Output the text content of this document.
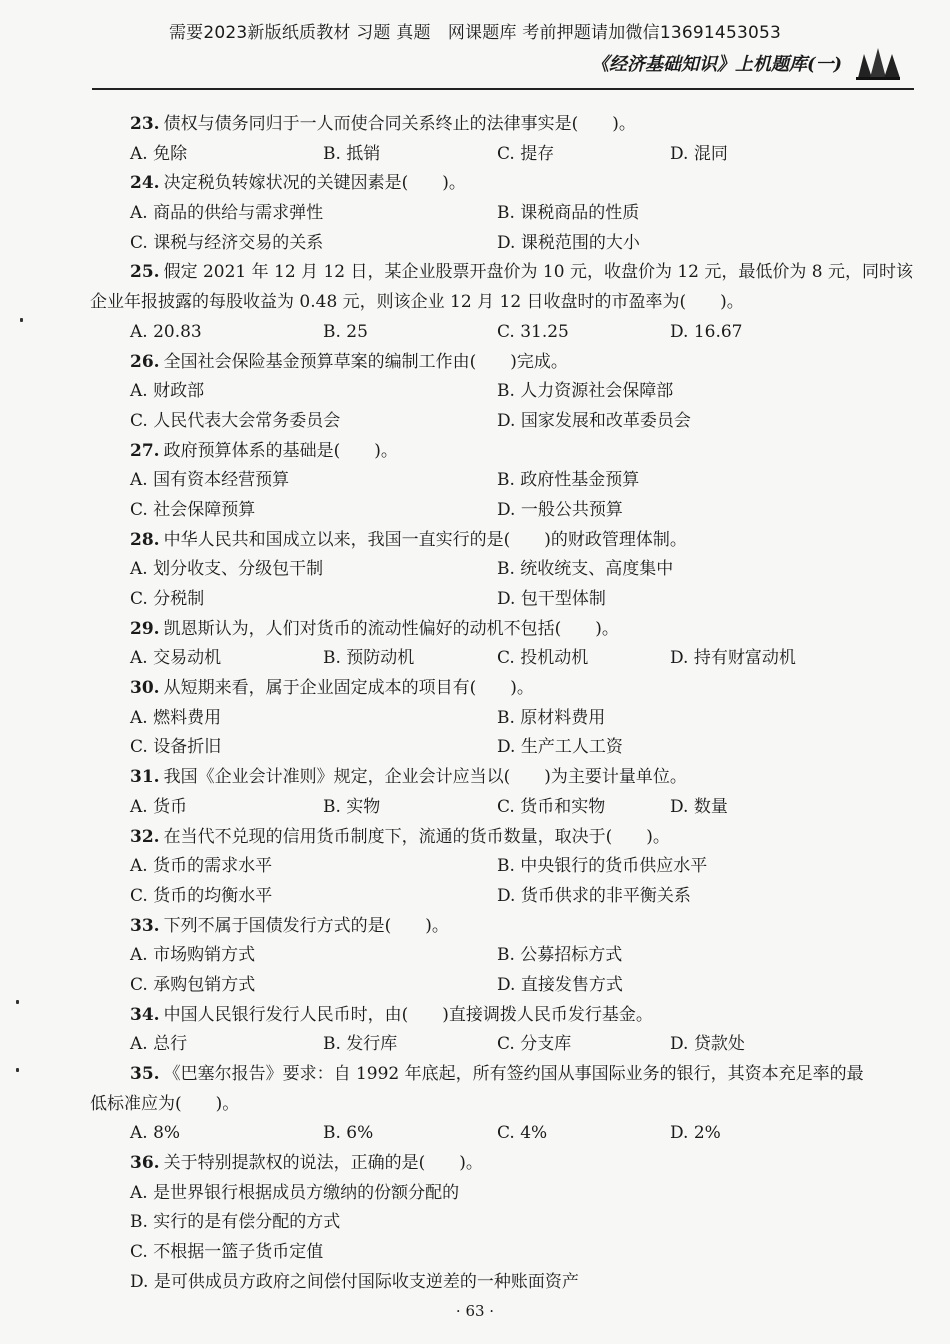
需要2023新版纸质教材 习题 真题　网课题库 考前押题请加微信13691453053
《经济基础知识》上机题库(一)
23. 债权与债务同归于一人而使合同关系终止的法律事实是(　　)。
A. 免除	B. 抵销	C. 提存	D. 混同
24. 决定税负转嫁状况的关键因素是(　　)。
A. 商品的供给与需求弹性	B. 课税商品的性质
C. 课税与经济交易的关系	D. 课税范围的大小
25. 假定 2021 年 12 月 12 日，某企业股票开盘价为 10 元，收盘价为 12 元，最低价为 8 元，同时该
企业年报披露的每股收益为 0.48 元，则该企业 12 月 12 日收盘时的市盈率为(　　)。
A. 20.83	B. 25	C. 31.25	D. 16.67
26. 全国社会保险基金预算草案的编制工作由(　　)完成。
A. 财政部	B. 人力资源社会保障部
C. 人民代表大会常务委员会	D. 国家发展和改革委员会
27. 政府预算体系的基础是(　　)。
A. 国有资本经营预算	B. 政府性基金预算
C. 社会保障预算	D. 一般公共预算
28. 中华人民共和国成立以来，我国一直实行的是(　　)的财政管理体制。
A. 划分收支、分级包干制	B. 统收统支、高度集中
C. 分税制	D. 包干型体制
29. 凯恩斯认为，人们对货币的流动性偏好的动机不包括(　　)。
A. 交易动机	B. 预防动机	C. 投机动机	D. 持有财富动机
30. 从短期来看，属于企业固定成本的项目有(　　)。
A. 燃料费用	B. 原材料费用
C. 设备折旧	D. 生产工人工资
31. 我国《企业会计准则》规定，企业会计应当以(　　)为主要计量单位。
A. 货币	B. 实物	C. 货币和实物	D. 数量
32. 在当代不兑现的信用货币制度下，流通的货币数量，取决于(　　)。
A. 货币的需求水平	B. 中央银行的货币供应水平
C. 货币的均衡水平	D. 货币供求的非平衡关系
33. 下列不属于国债发行方式的是(　　)。
A. 市场购销方式	B. 公募招标方式
C. 承购包销方式	D. 直接发售方式
34. 中国人民银行发行人民币时，由(　　)直接调拨人民币发行基金。
A. 总行	B. 发行库	C. 分支库	D. 贷款处
35. 《巴塞尔报告》要求：自 1992 年底起，所有签约国从事国际业务的银行，其资本充足率的最
低标准应为(　　)。
A. 8%	B. 6%	C. 4%	D. 2%
36. 关于特别提款权的说法，正确的是(　　)。
A. 是世界银行根据成员方缴纳的份额分配的
B. 实行的是有偿分配的方式
C. 不根据一篮子货币定值
D. 是可供成员方政府之间偿付国际收支逆差的一种账面资产
· 63 ·
